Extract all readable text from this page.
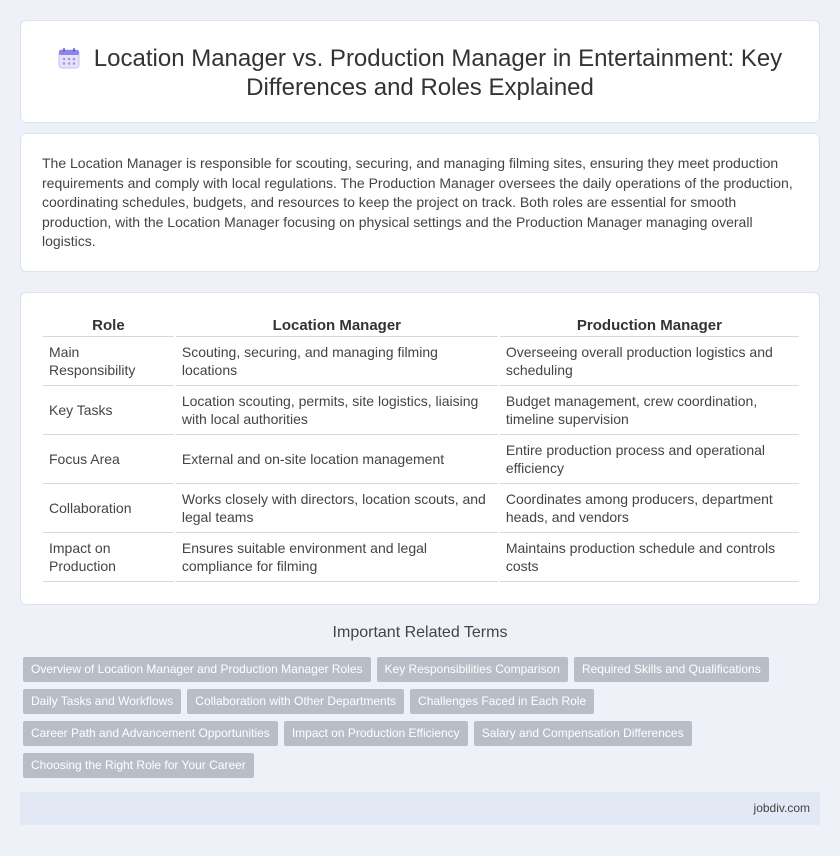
Location Manager vs. Production Manager in Entertainment: Key Differences and Roles Explained

The Location Manager is responsible for scouting, securing, and managing filming sites, ensuring they meet production requirements and comply with local regulations. The Production Manager oversees the daily operations of the production, coordinating schedules, budgets, and resources to keep the project on track. Both roles are essential for smooth production, with the Location Manager focusing on physical settings and the Production Manager managing overall logistics.

Role	Location Manager	Production Manager
Main Responsibility	Scouting, securing, and managing filming locations	Overseeing overall production logistics and scheduling
Key Tasks	Location scouting, permits, site logistics, liaising with local authorities	Budget management, crew coordination, timeline supervision
Focus Area	External and on-site location management	Entire production process and operational efficiency
Collaboration	Works closely with directors, location scouts, and legal teams	Coordinates among producers, department heads, and vendors
Impact on Production	Ensures suitable environment and legal compliance for filming	Maintains production schedule and controls costs
Important Related Terms
Overview of Location Manager and Production Manager Roles	Key Responsibilities Comparison	Required Skills and Qualifications
Daily Tasks and Workflows	Collaboration with Other Departments	Challenges Faced in Each Role
Career Path and Advancement Opportunities	Impact on Production Efficiency	Salary and Compensation Differences
Choosing the Right Role for Your Career
jobdiv.com
